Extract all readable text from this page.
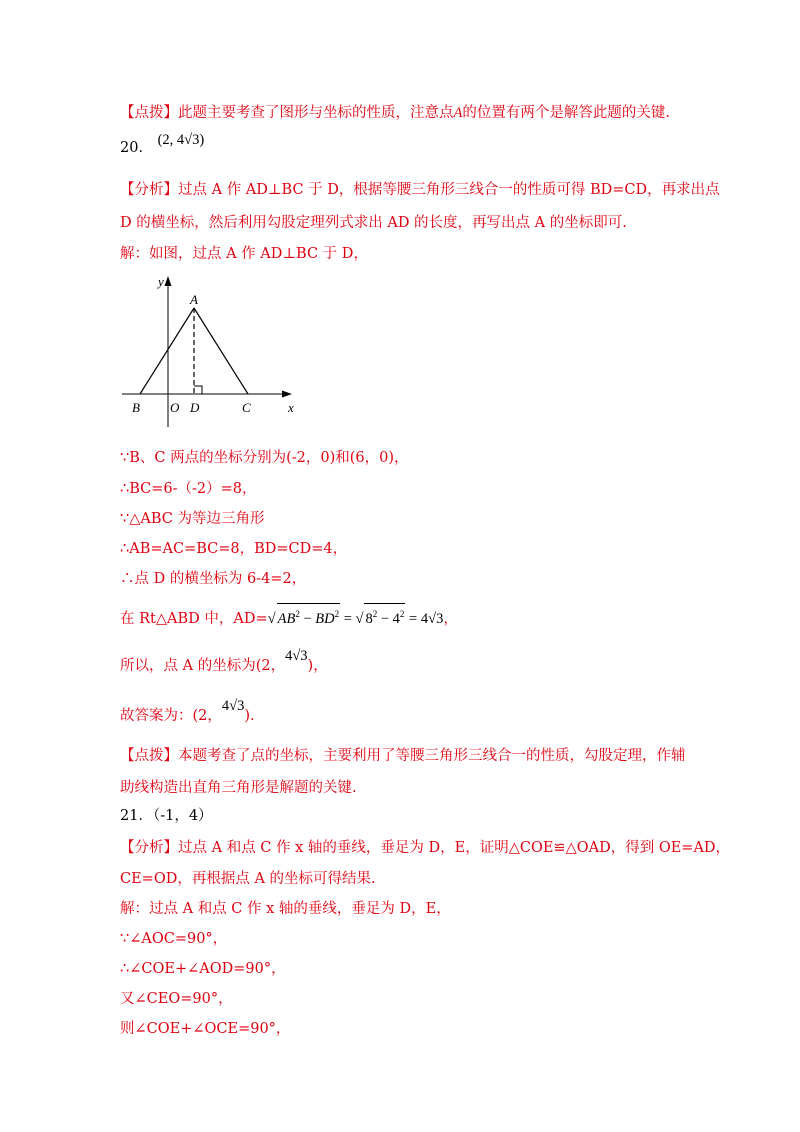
【点拨】此题主要考查了图形与坐标的性质，注意点A的位置有两个是解答此题的关键.
20． (2, 4√3)
【分析】过点 A 作 AD⊥BC 于 D，根据等腰三角形三线合一的性质可得 BD=CD，再求出点
D 的横坐标，然后利用勾股定理列式求出 AD 的长度，再写出点 A 的坐标即可.
解：如图，过点 A 作 AD⊥BC 于 D，
y
A
B O D	C	x
∵B、C 两点的坐标分别为(-2，0)和(6，0)，
∴BC=6-（-2）=8，
∵△ABC 为等边三角形
∴AB=AC=BC=8，BD=CD=4，
∴点 D 的横坐标为 6-4=2，
在 Rt△ABD 中，AD=√ $AB^2 - BD^2$ = √ $8^2 - 4^2 = 4√3$，
所以，点 A 的坐标为(2，4√3)，
故答案为：(2，4√3).
【点拨】本题考查了点的坐标，主要利用了等腰三角形三线合一的性质，勾股定理，作辅
助线构造出直角三角形是解题的关键.
21．（-1，4）
【分析】过点 A 和点 C 作 x 轴的垂线，垂足为 D，E，证明△COE≌△OAD，得到 OE=AD，
CE=OD，再根据点 A 的坐标可得结果.
解：过点 A 和点 C 作 x 轴的垂线，垂足为 D，E，
∵∠AOC=90°，
∴∠COE+∠AOD=90°，
又∠CEO=90°，
则∠COE+∠OCE=90°，
